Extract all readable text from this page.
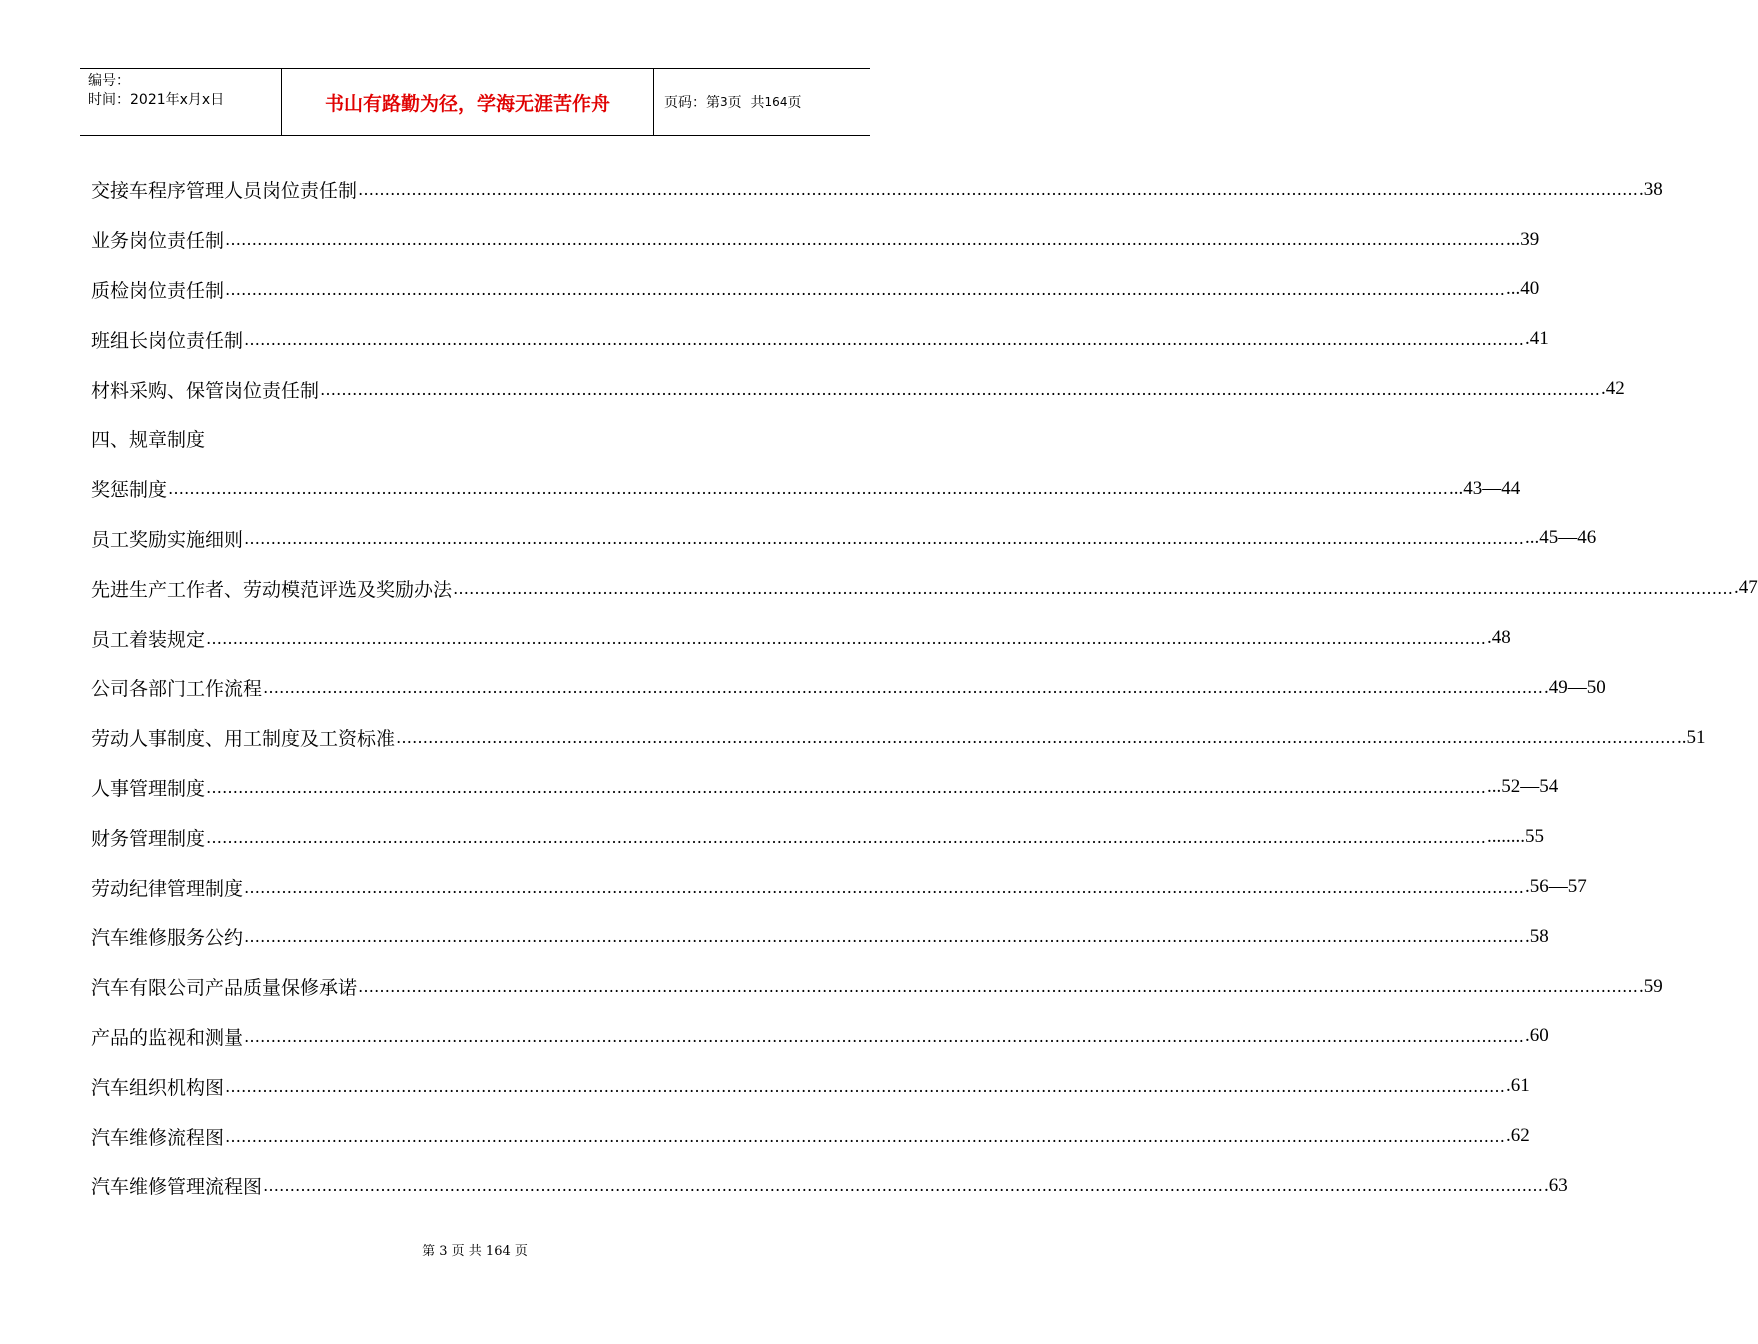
编号：
时间：2021年x月x日	书山有路勤为径，学海无涯苦作舟	页码：第 3 页  共 164 页
交接车程序管理人员岗位责任制 …………………………………………………………………………………………………………………………………………………………………………………………………………………… .38
业务岗位责任制 …………………………………………………………………………………………………………………………………………………………………………………………………………………… ...39
质检岗位责任制 …………………………………………………………………………………………………………………………………………………………………………………………………………………… ...40
班组长岗位责任制 …………………………………………………………………………………………………………………………………………………………………………………………………………………… .41
材料采购、保管岗位责任制 …………………………………………………………………………………………………………………………………………………………………………………………………………………… .42
四、规章制度
奖惩制度 …………………………………………………………………………………………………………………………………………………………………………………………………………………… ...43—44
员工奖励实施细则 …………………………………………………………………………………………………………………………………………………………………………………………………………………… ...45—46
先进生产工作者、劳动模范评选及奖励办法 …………………………………………………………………………………………………………………………………………………………………………………………………………………… .47
员工着装规定 …………………………………………………………………………………………………………………………………………………………………………………………………………………… .48
公司各部门工作流程 …………………………………………………………………………………………………………………………………………………………………………………………………………………… .49—50
劳动人事制度、用工制度及工资标准 …………………………………………………………………………………………………………………………………………………………………………………………………………………… ..51
人事管理制度 …………………………………………………………………………………………………………………………………………………………………………………………………………………… ...52—54
财务管理制度 …………………………………………………………………………………………………………………………………………………………………………………………………………………… ........55
劳动纪律管理制度 …………………………………………………………………………………………………………………………………………………………………………………………………………………… .56—57
汽车维修服务公约 …………………………………………………………………………………………………………………………………………………………………………………………………………………… .58
汽车有限公司产品质量保修承诺 …………………………………………………………………………………………………………………………………………………………………………………………………………………… .59
产品的监视和测量 …………………………………………………………………………………………………………………………………………………………………………………………………………………… .60
汽车组织机构图 …………………………………………………………………………………………………………………………………………………………………………………………………………………… .61
汽车维修流程图 …………………………………………………………………………………………………………………………………………………………………………………………………………………… .62
汽车维修管理流程图 …………………………………………………………………………………………………………………………………………………………………………………………………………………… .63
第 3 页 共 164 页
